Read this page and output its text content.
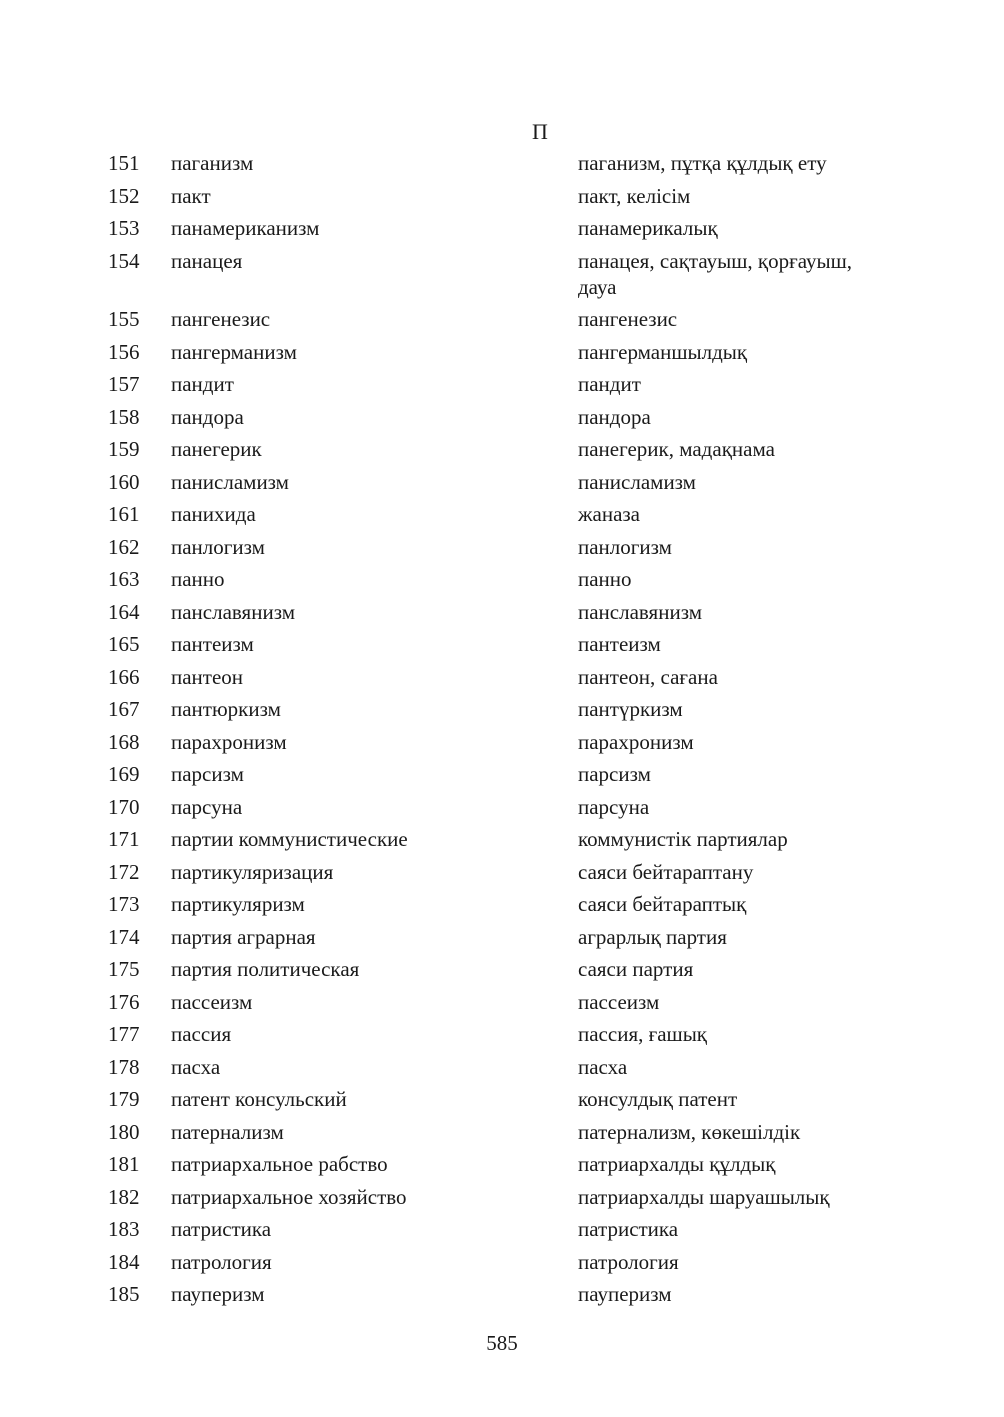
П
151 паганизм	паганизм, пұтқа құлдық ету
152 пакт	пакт, келісім
153 панамериканизм	панамерикалық
154 панацея	панацея, сақтауыш, қорғауыш, дауа
155 пангенезис	пангенезис
156 пангерманизм	пангерманшылдық
157 пандит	пандит
158 пандора	пандора
159 панегерик	панегерик, мадақнама
160 панисламизм	панисламизм
161 панихида	жаназа
162 панлогизм	панлогизм
163 панно	панно
164 панславянизм	панславянизм
165 пантеизм	пантеизм
166 пантеон	пантеон, сағана
167 пантюркизм	пантүркизм
168 парахронизм	парахронизм
169 парсизм	парсизм
170 парсуна	парсуна
171 партии коммунистические	коммунистік партиялар
172 партикуляризация	саяси бейтараптану
173 партикуляризм	саяси бейтараптық
174 партия аграрная	аграрлық партия
175 партия политическая	саяси партия
176 пассеизм	пассеизм
177 пассия	пассия, ғашық
178 пасха	пасха
179 патент консульский	консулдық патент
180 патернализм	патернализм, көкешілдік
181 патриархальное рабство	патриархалды құлдық
182 патриархальное хозяйство	патриархалды шаруашылық
183 патристика	патристика
184 патрология	патрология
185 пауперизм	пауперизм
585
